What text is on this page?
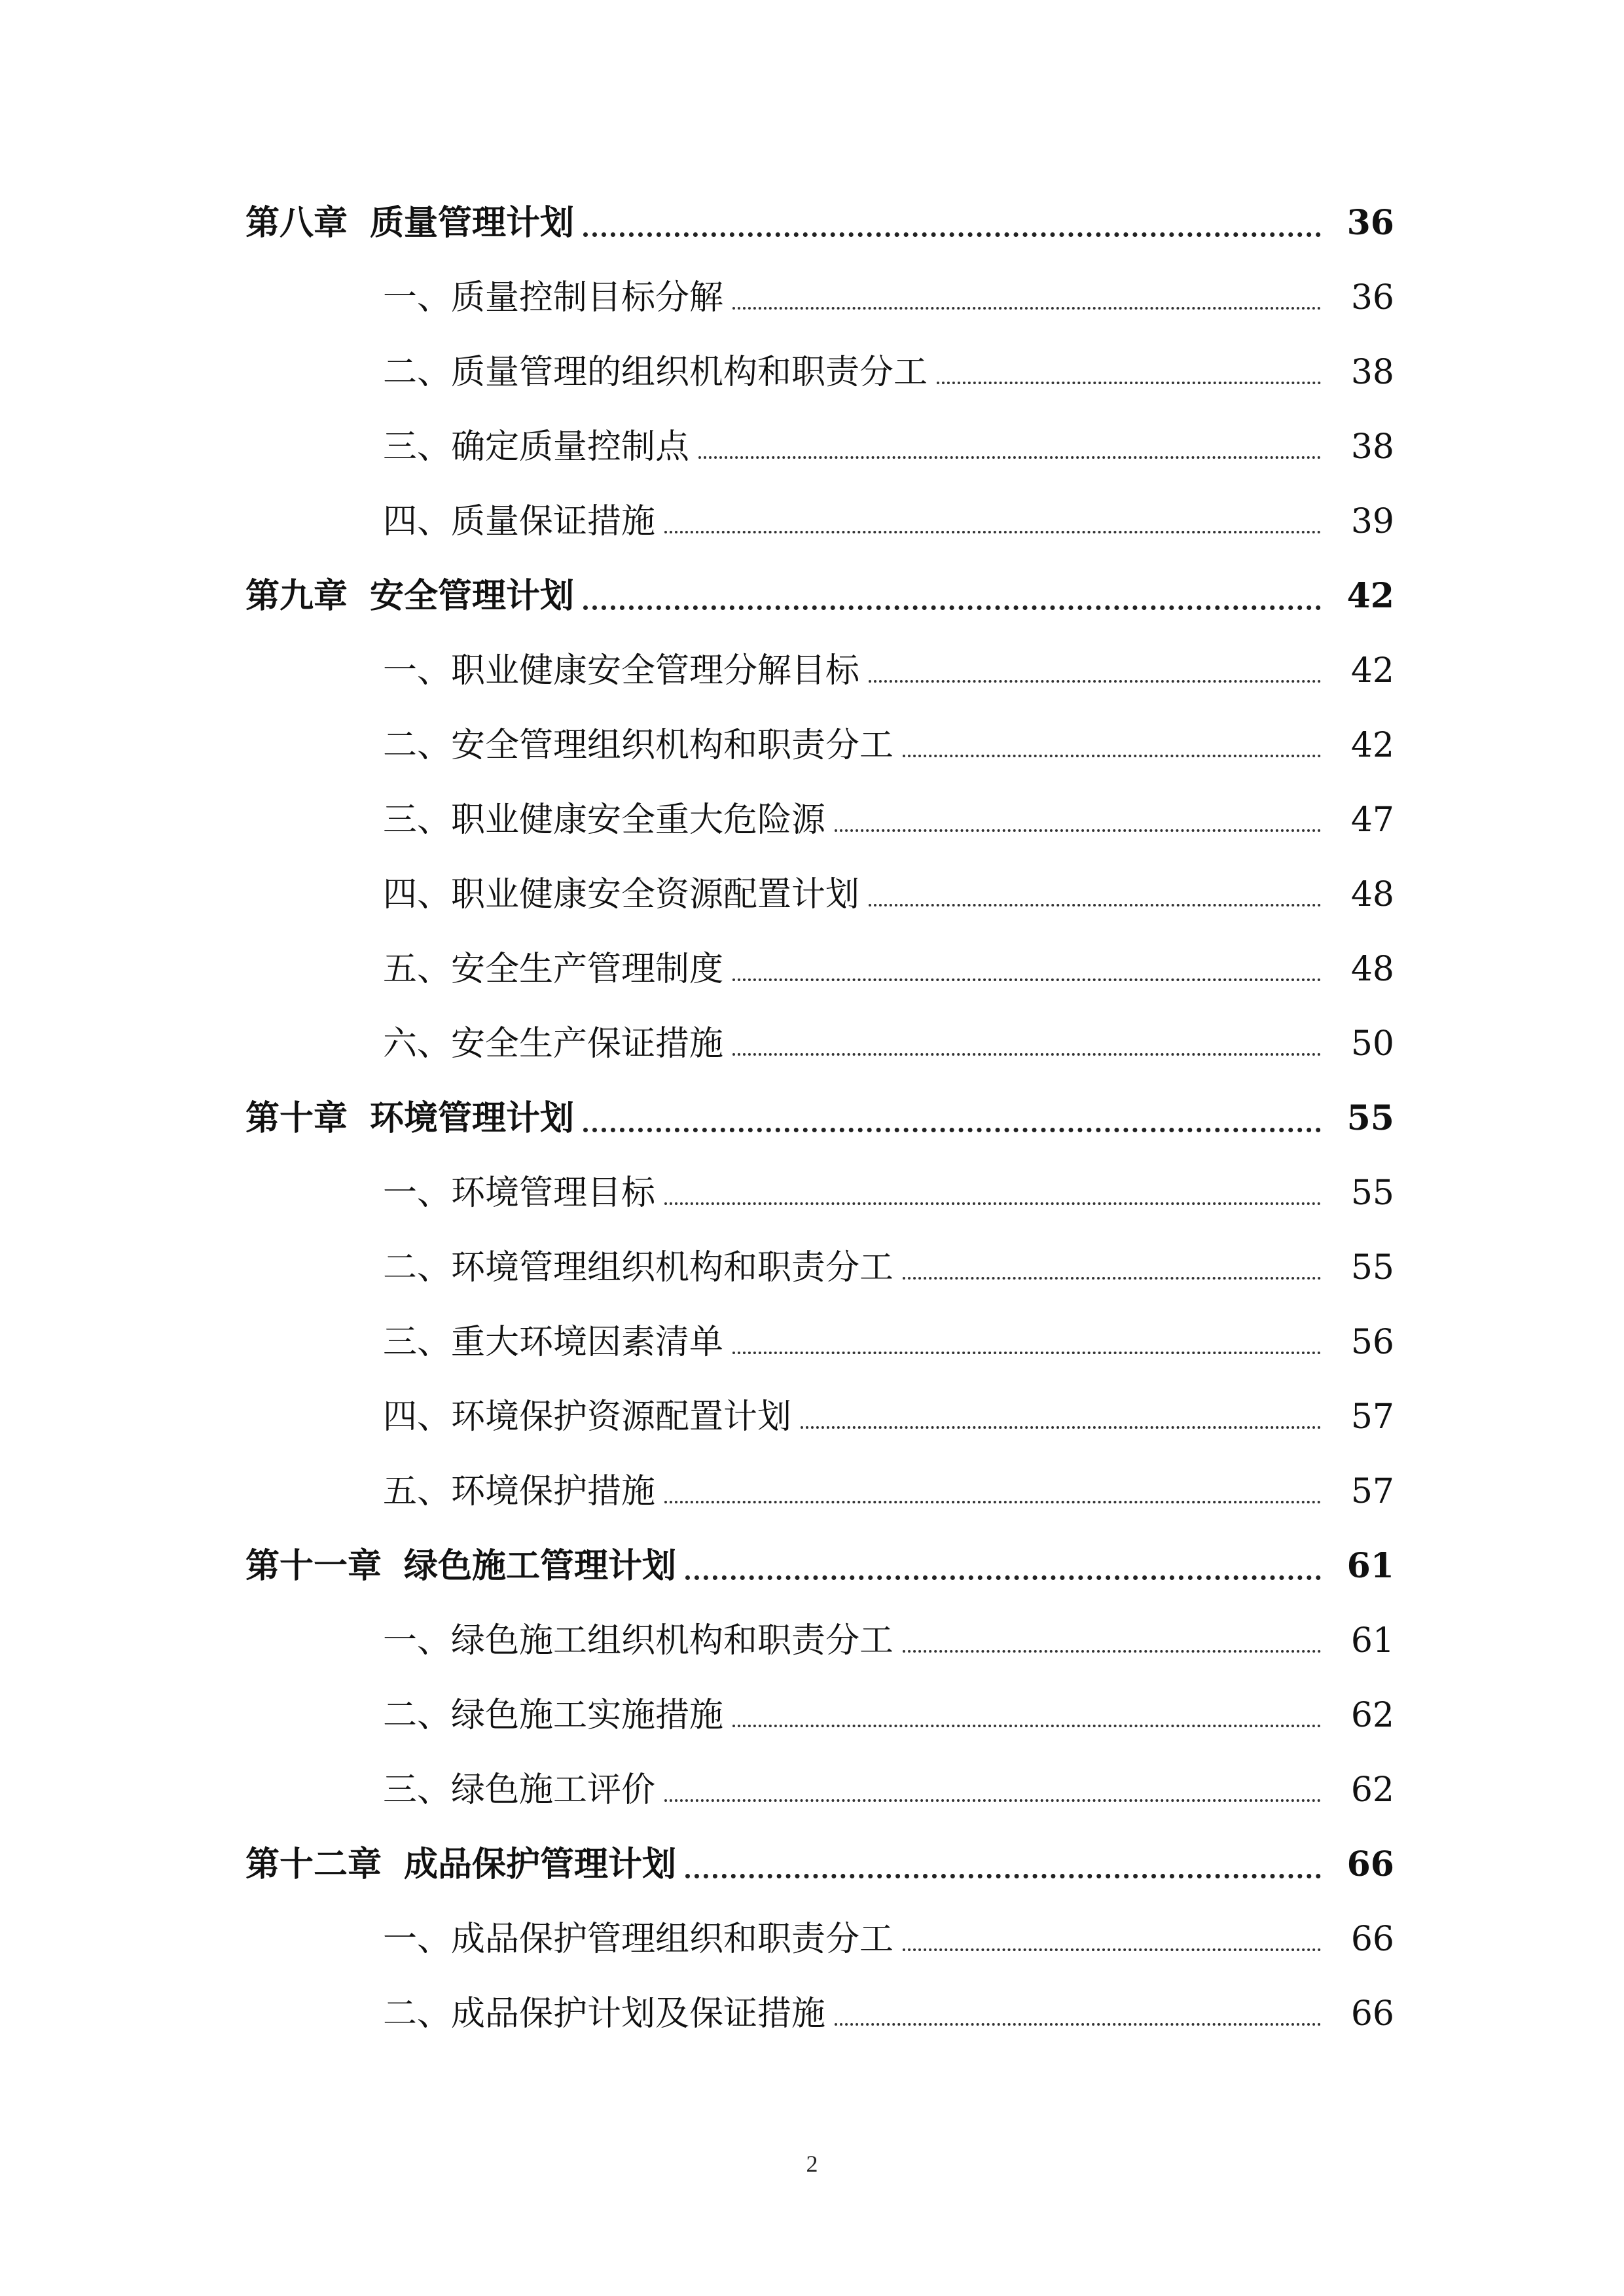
第八章 质量管理计划	36
一、质量控制目标分解	36
二、质量管理的组织机构和职责分工	38
三、确定质量控制点	38
四、质量保证措施	39
第九章 安全管理计划	42
一、职业健康安全管理分解目标	42
二、安全管理组织机构和职责分工	42
三、职业健康安全重大危险源	47
四、职业健康安全资源配置计划	48
五、安全生产管理制度	48
六、安全生产保证措施	50
第十章 环境管理计划	55
一、环境管理目标	55
二、环境管理组织机构和职责分工	55
三、重大环境因素清单	56
四、环境保护资源配置计划	57
五、环境保护措施	57
第十一章 绿色施工管理计划	61
一、绿色施工组织机构和职责分工	61
二、绿色施工实施措施	62
三、绿色施工评价	62
第十二章 成品保护管理计划	66
一、成品保护管理组织和职责分工	66
二、成品保护计划及保证措施	66
2
